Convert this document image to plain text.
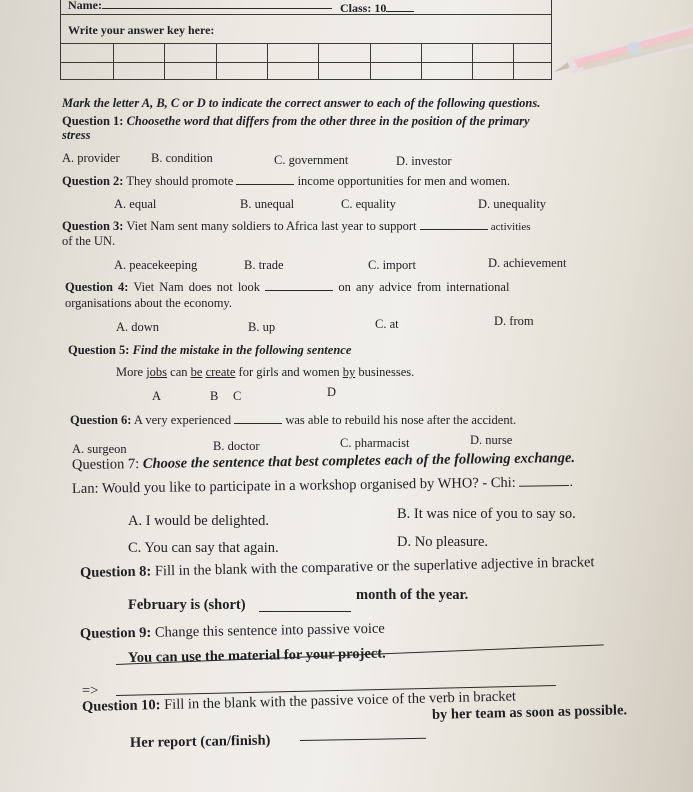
Name:	Class: 10
Write your answer key here:
Mark the letter A, B, C or D to indicate the correct answer to each of the following questions.
Question 1: Choosethe word that differs from the other three in the position of the primary
stress
A. provider	B. condition	C. government	D. investor
Question 2: They should promote	income opportunities for men and women.
A. equal	B. unequal	C. equality	D. unequality
Question 3: Viet Nam sent many soldiers to Africa last year to support	activities
of the UN.
A. peacekeeping	B. trade	C. import	D. achievement
Question 4: Viet Nam does not look	on any advice from international
organisations about the economy.
A. down	B. up	C. at	D. from
Question 5: Find the mistake in the following sentence
More jobs can be create for girls and women by businesses.
A	B C	D
Question 6: A very experienced	was able to rebuild his nose after the accident.
A. surgeon	B. doctor	C. pharmacist	D. nurse
Question 7: Choose the sentence that best completes each of the following exchange.
Lan: Would you like to participate in a workshop organised by WHO? - Chi:	.
A. I would be delighted.	B. It was nice of you to say so.
C. You can say that again.	D. No pleasure.
Question 8: Fill in the blank with the comparative or the superlative adjective in bracket
February is (short)
month of the year.
Question 9: Change this sentence into passive voice
You can use the material for your project.
=>
Question 10: Fill in the blank with the passive voice of the verb in bracket
Her report (can/finish)
by her team as soon as possible.
